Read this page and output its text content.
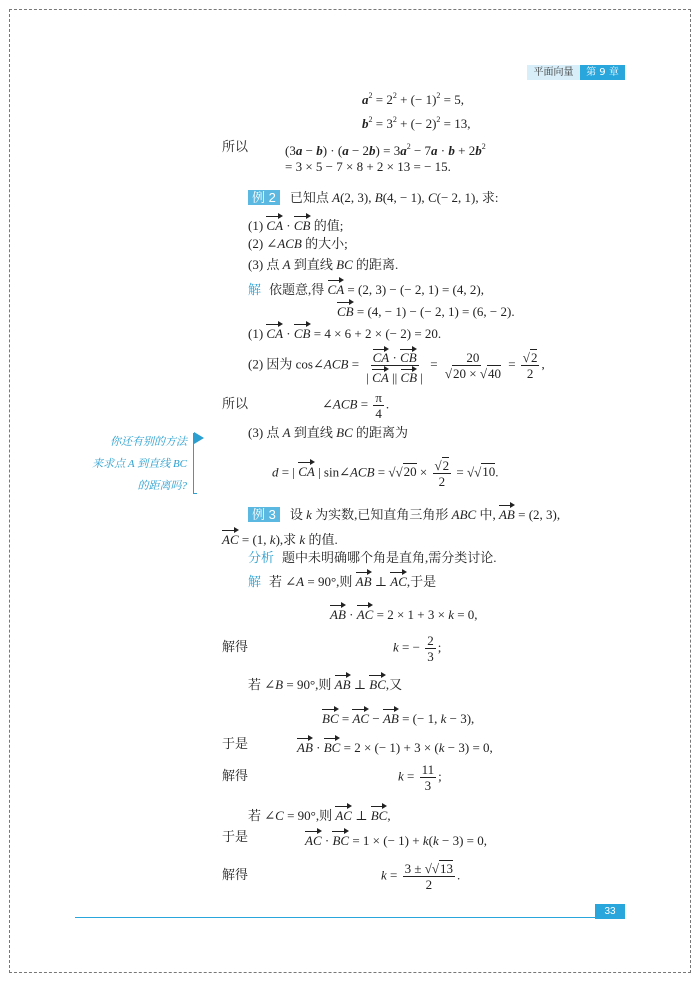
平面向量	第 9 章
$a^2 = 2^2$ + (− 1)$^2$ = 5,
$b^2 = 3^2$ + (− 2)$^2$ = 13,
所以	$(3a - b) \cdot (a - 2b) = 3a^2 - 7a \cdot b + 2b^2$
= 3 × 5 − 7 × 8 + 2 × 13 = − 15.
例 2 已知点 A(2, 3), B(4, − 1), C(− 2, 1), 求:
(1) CA · CB 的值;
(2) ∠ACB 的大小;
(3) 点 A 到直线 BC 的距离.
解 依题意,得 CA = (2, 3) − (− 2, 1) = (4, 2),
CB = (4, − 1) − (− 2, 1) = (6, − 2).
(1) CA · CB = 4 × 6 + 2 × (− 2) = 20.
(2) 因为 cos∠ACB = $\frac{CA \cdot CB}{| CA || CB |} = \frac{20}{√20 \times √40} = \frac{√2}{2}$ ,
所以	∠ACB = $\frac{\pi}{4}$ .
(3) 点 A 到直线 BC 的距离为
d = | CA | sin∠ACB = $√√20 \times \frac{√2}{2} = √√10$.
例 3 设 k 为实数,已知直角三角形 ABC 中, AB = (2, 3),
AC = (1, k),求 k 的值.
分析 题中未明确哪个角是直角,需分类讨论.
解 若 ∠A = 90°,则 AB ⊥ AC,于是
AB · AC = 2 × 1 + 3 × k = 0,
解得	k = − $\frac{2}{3}$ ;
若 ∠B = 90°,则 AB ⊥ BC,又
BC = AC − AB = (− 1, k − 3),
于是	AB · BC = 2 × (− 1) + 3 × (k − 3) = 0,
解得	$k = \frac{11}{3}$ ;
若 ∠C = 90°,则 AC ⊥ BC,
于是	AC · BC = 1 × (− 1) + k(k − 3) = 0,
解得	$k = \frac{3 \pm √√13}{2}$ .
你还有别的方法
来求点 A 到直线 BC
的距离吗?
33
